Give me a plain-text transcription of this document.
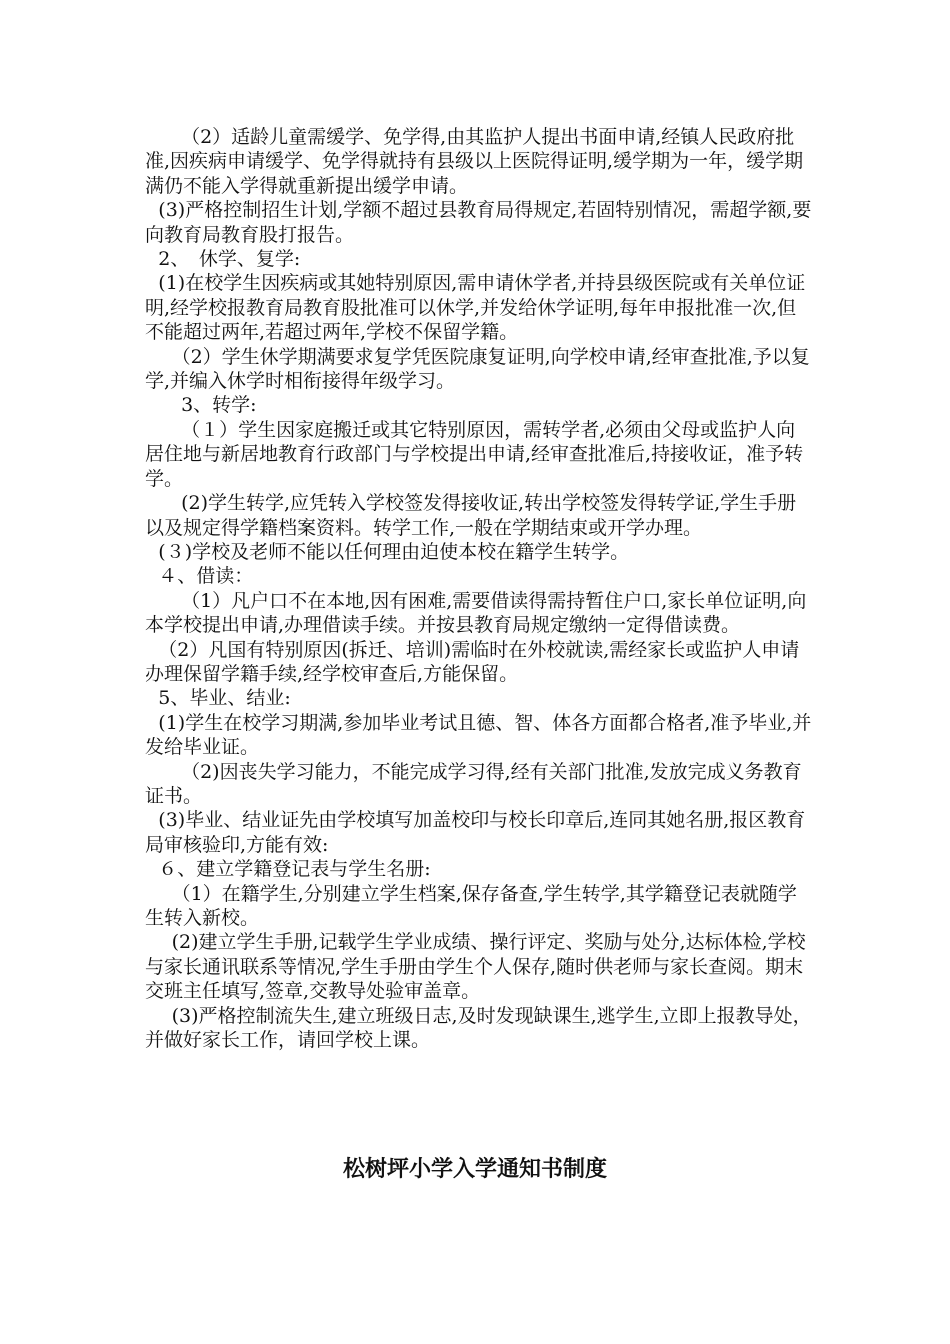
（2）适龄儿童需缓学、免学得,由其监护人提出书面申请,经镇人民政府批准,因疾病申请缓学、免学得就持有县级以上医院得证明,缓学期为一年，缓学期满仍不能入学得就重新提出缓学申请。

(3)严格控制招生计划,学额不超过县教育局得规定,若固特别情况，需超学额,要向教育局教育股打报告。

2、　休学、复学:

(1)在校学生因疾病或其她特别原因,需申请休学者,并持县级医院或有关单位证明,经学校报教育局教育股批准可以休学,并发给休学证明,每年申报批准一次,但不能超过两年,若超过两年,学校不保留学籍。

（2）学生休学期满要求复学凭医院康复证明,向学校申请,经审查批准,予以复学,并编入休学时相衔接得年级学习。

3、转学:

（１）学生因家庭搬迁或其它特别原因，需转学者,必须由父母或监护人向居住地与新居地教育行政部门与学校提出申请,经审查批准后,持接收证，准予转学。

(2)学生转学,应凭转入学校签发得接收证,转出学校签发得转学证,学生手册以及规定得学籍档案资料。转学工作,一般在学期结束或开学办理。

(３)学校及老师不能以任何理由迫使本校在籍学生转学。

４、借读：

（1）凡户口不在本地,因有困难,需要借读得需持暂住户口,家长单位证明,向本学校提出申请,办理借读手续。并按县教育局规定缴纳一定得借读费。

（2）凡国有特别原因(拆迁、培训)需临时在外校就读,需经家长或监护人申请办理保留学籍手续,经学校审查后,方能保留。

5、毕业、结业:

(1)学生在校学习期满,参加毕业考试且德、智、体各方面都合格者,准予毕业,并发给毕业证。

（2)因丧失学习能力，不能完成学习得,经有关部门批准,发放完成义务教育证书。

(3)毕业、结业证先由学校填写加盖校印与校长印章后,连同其她名册,报区教育局审核验印,方能有效:

６、建立学籍登记表与学生名册:

（1）在籍学生,分别建立学生档案,保存备查,学生转学,其学籍登记表就随学生转入新校。

(2)建立学生手册,记载学生学业成绩、操行评定、奖励与处分,达标体检,学校与家长通讯联系等情况,学生手册由学生个人保存,随时供老师与家长查阅。期末交班主任填写,签章,交教导处验审盖章。

(3)严格控制流失生,建立班级日志,及时发现缺课生,逃学生,立即上报教导处，并做好家长工作，请回学校上课。

松树坪小学入学通知书制度
